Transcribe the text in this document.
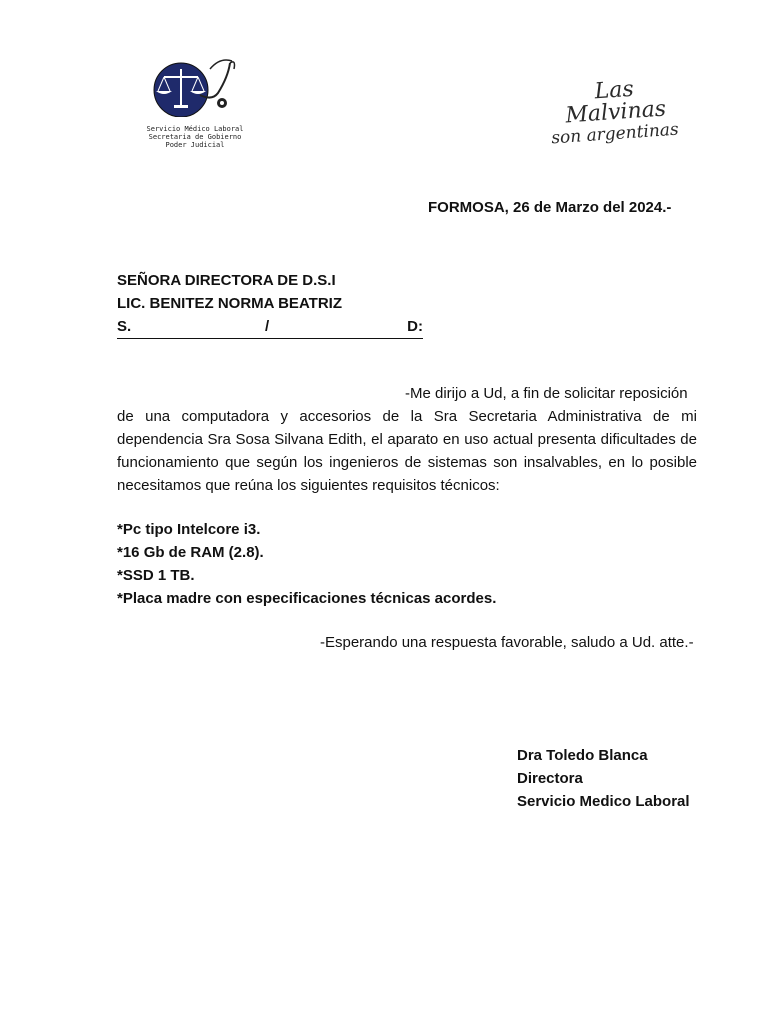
Servicio Médico Laboral
Secretaria de Gobierno
Poder Judicial
Las Malvinas
son argentinas
FORMOSA, 26 de Marzo del 2024.-
SEÑORA DIRECTORA DE D.S.I
LIC. BENITEZ NORMA BEATRIZ
S.	/	D:
-Me dirijo a Ud, a fin de solicitar reposición
de una computadora y accesorios de la Sra Secretaria Administrativa de mi dependencia Sra Sosa Silvana Edith, el aparato en uso actual presenta dificultades de funcionamiento que según los ingenieros de sistemas son insalvables, en lo posible necesitamos que reúna los siguientes requisitos técnicos:
*Pc tipo Intelcore i3.
*16 Gb de RAM (2.8).
*SSD 1 TB.
*Placa madre con especificaciones técnicas acordes.
-Esperando una respuesta favorable, saludo a Ud. atte.-
Dra Toledo Blanca
Directora
Servicio Medico Laboral
